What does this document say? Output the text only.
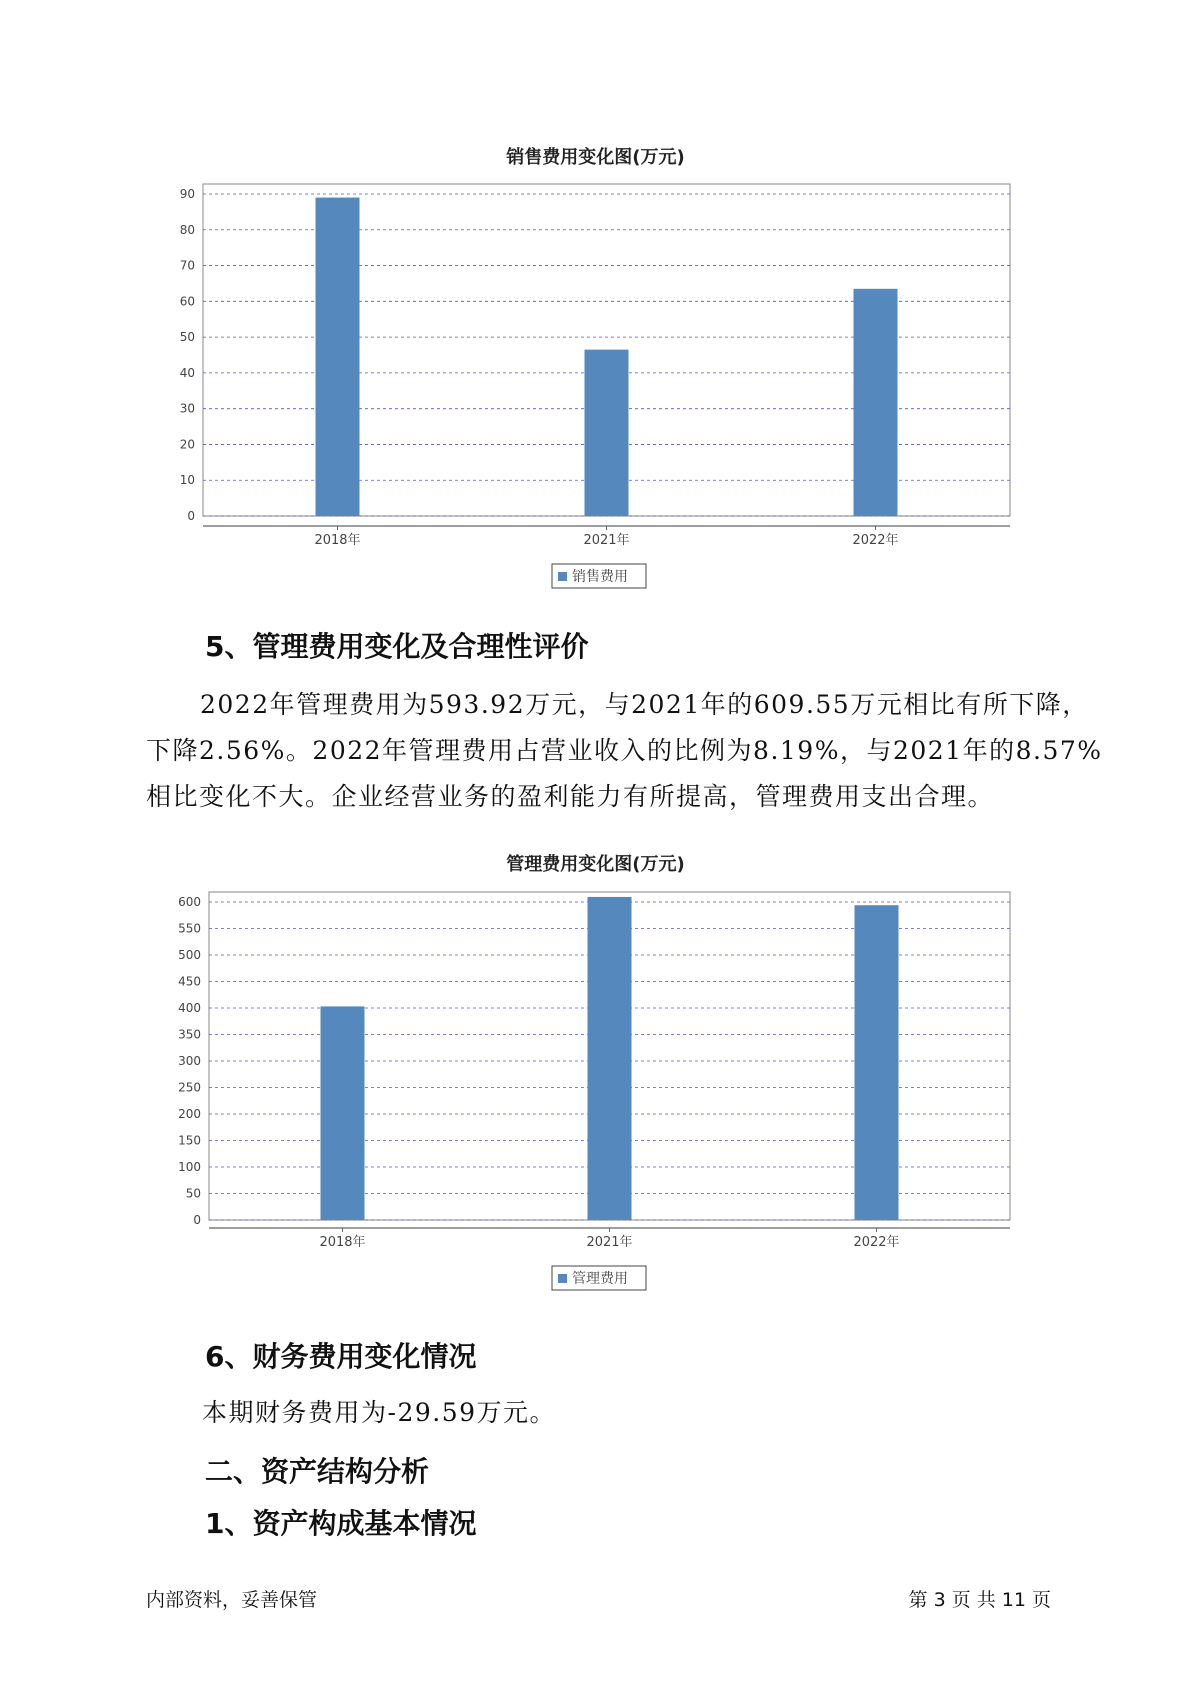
销售费用变化图(万元)
0
10
20
30
40
50
60
70
80
90
2018年	2021年	2022年
销售费用
5、管理费用变化及合理性评价
2022年管理费用为593.92万元，与2021年的609.55万元相比有所下降，
下降2.56%。2022年管理费用占营业收入的比例为8.19%，与2021年的8.57%
相比变化不大。企业经营业务的盈利能力有所提高，管理费用支出合理。
管理费用变化图(万元)
0
50
100
150
200
250
300
350
400
450
500
550
600
2018年	2021年	2022年
管理费用
6、财务费用变化情况
本期财务费用为-29.59万元。
二、资产结构分析
1、资产构成基本情况
内部资料，妥善保管	第 3 页 共 11 页
